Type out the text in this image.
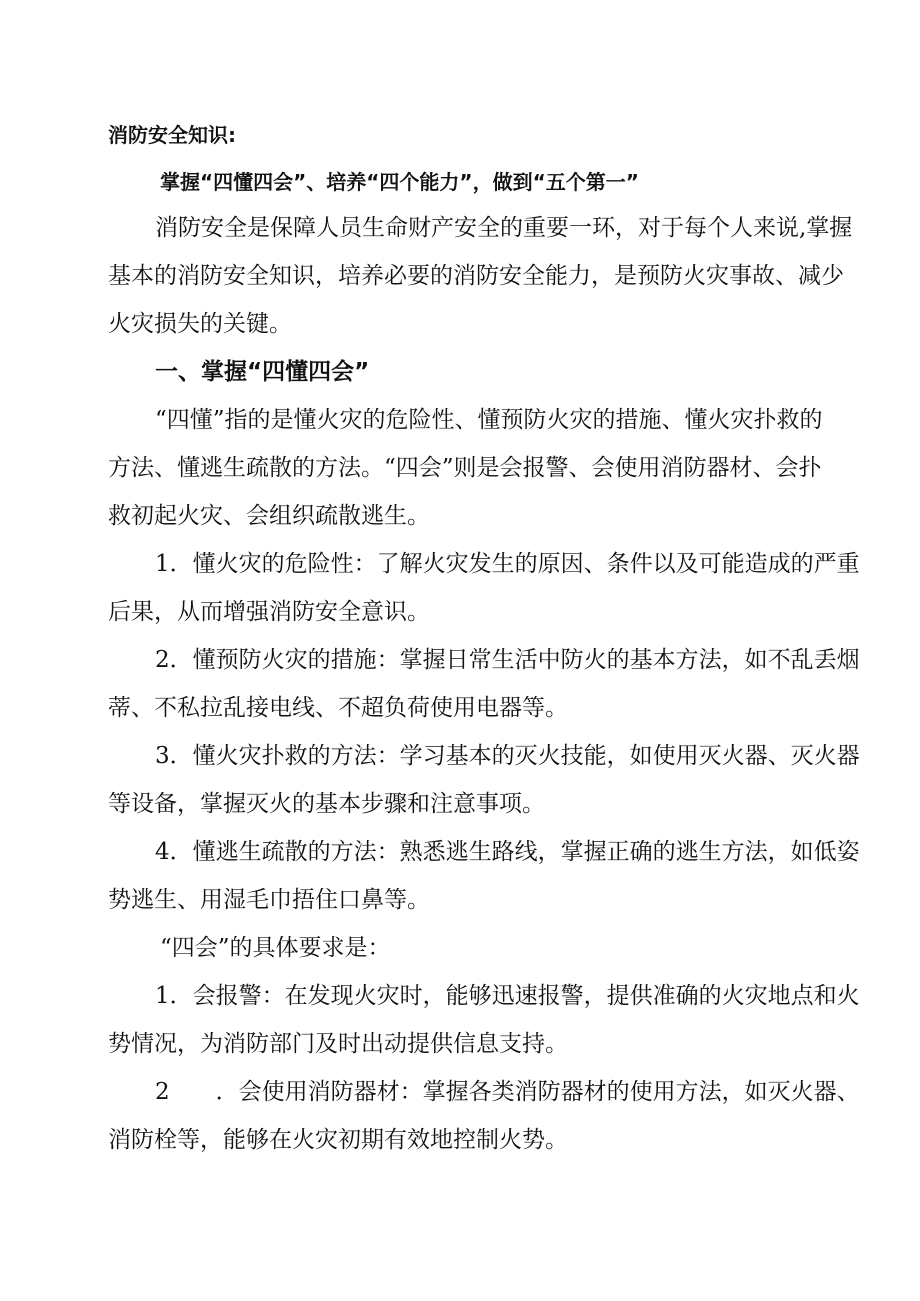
消防安全知识:

掌握“四懂四会”、培养“四个能力”，做到“五个第一”

消防安全是保障人员生命财产安全的重要一环，对于每个人来说,掌握

基本的消防安全知识，培养必要的消防安全能力，是预防火灾事故、减少

火灾损失的关键。

一、掌握“四懂四会”

“四懂”指的是懂火灾的危险性、懂预防火灾的措施、懂火灾扑救的

方法、懂逃生疏散的方法。“四会”则是会报警、会使用消防器材、会扑

救初起火灾、会组织疏散逃生。

1．懂火灾的危险性：了解火灾发生的原因、条件以及可能造成的严重

后果，从而增强消防安全意识。

2．懂预防火灾的措施：掌握日常生活中防火的基本方法，如不乱丢烟

蒂、不私拉乱接电线、不超负荷使用电器等。

3．懂火灾扑救的方法：学习基本的灭火技能，如使用灭火器、灭火器

等设备，掌握灭火的基本步骤和注意事项。

4．懂逃生疏散的方法：熟悉逃生路线，掌握正确的逃生方法，如低姿

势逃生、用湿毛巾捂住口鼻等。

“四会”的具体要求是：

1．会报警：在发现火灾时，能够迅速报警，提供准确的火灾地点和火

势情况，为消防部门及时出动提供信息支持。

2　　．会使用消防器材：掌握各类消防器材的使用方法，如灭火器、

消防栓等，能够在火灾初期有效地控制火势。
